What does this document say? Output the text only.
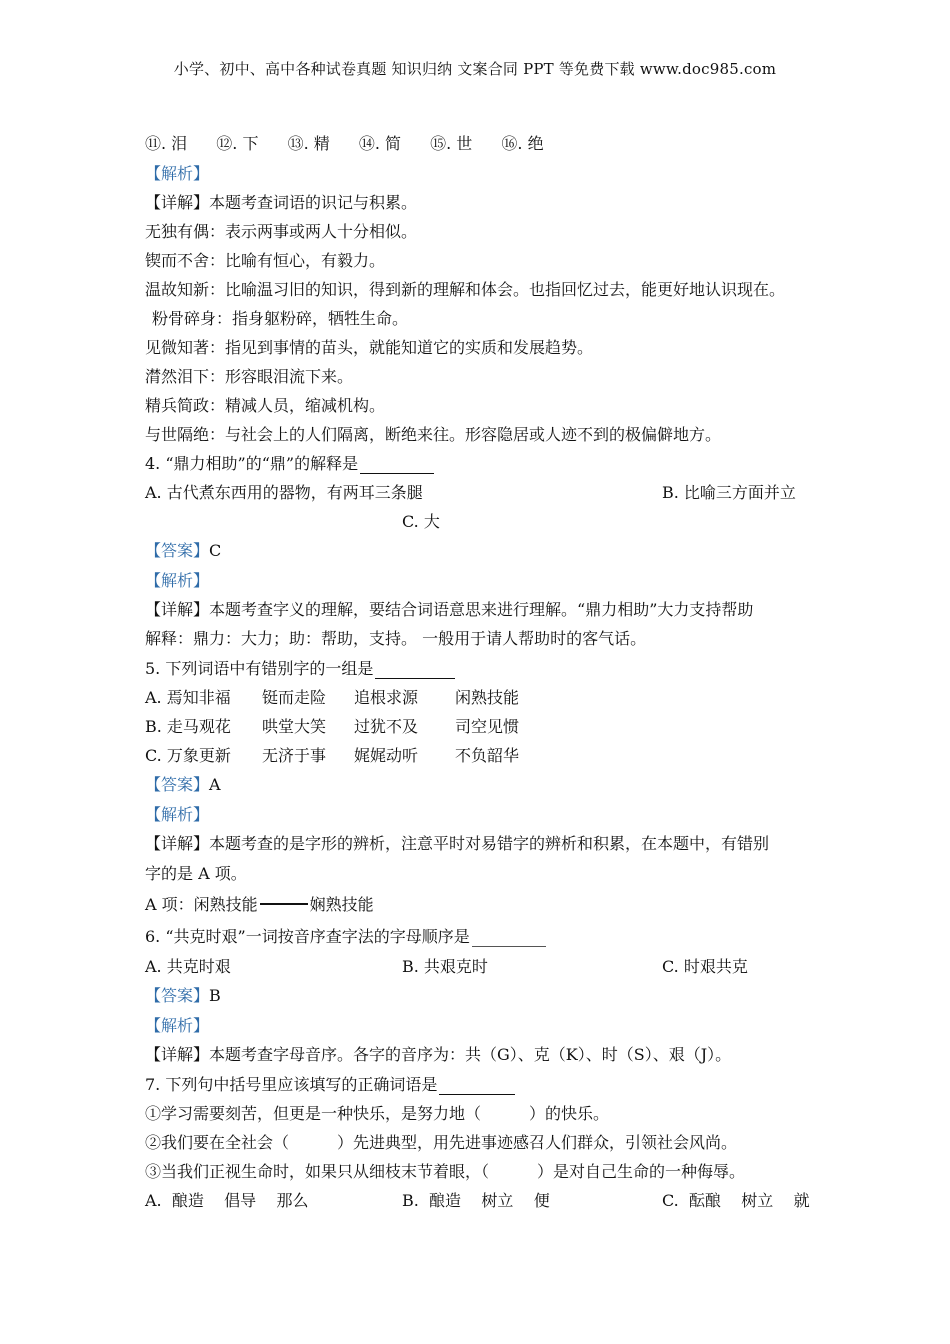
小学、初中、高中各种试卷真题 知识归纳 文案合同 PPT 等免费下载 www.doc985.com
⑪. 泪 ⑫. 下 ⑬. 精 ⑭. 简 ⑮. 世 ⑯. 绝
【解析】
【详解】本题考查词语的识记与积累。
无独有偶：表示两事或两人十分相似。
锲而不舍：比喻有恒心，有毅力。
温故知新：比喻温习旧的知识，得到新的理解和体会。也指回忆过去，能更好地认识现在。
粉骨碎身：指身躯粉碎，牺牲生命。
见微知著：指见到事情的苗头，就能知道它的实质和发展趋势。
潸然泪下：形容眼泪流下来。
精兵简政：精减人员，缩减机构。
与世隔绝：与社会上的人们隔离，断绝来往。形容隐居或人迹不到的极偏僻地方。
4. “鼎力相助”的“鼎”的解释是
A. 古代煮东西用的器物，有两耳三条腿	B. 比喻三方面并立
C. 大
【答案】C
【解析】
【详解】本题考查字义的理解，要结合词语意思来进行理解。“鼎力相助”大力支持帮助
解释：鼎力：大力；助：帮助，支持。 一般用于请人帮助时的客气话。
5. 下列词语中有错别字的一组是
A. 焉知非福 铤而走险 追根求源 闲熟技能
B. 走马观花 哄堂大笑 过犹不及 司空见惯
C. 万象更新 无济于事 娓娓动听 不负韶华
【答案】A
【解析】
【详解】本题考查的是字形的辨析，注意平时对易错字的辨析和积累，在本题中，有错别
字的是 A 项。
A 项：闲熟技能	娴熟技能
6. “共克时艰”一词按音序查字法的字母顺序是
A. 共克时艰	B. 共艰克时	C. 时艰共克
【答案】B
【解析】
【详解】本题考查字母音序。各字的音序为：共（G）、克（K）、时（S）、艰（J）。
7. 下列句中括号里应该填写的正确词语是
①学习需要刻苦，但更是一种快乐，是努力地（	）的快乐。
②我们要在全社会（	）先进典型，用先进事迹感召人们群众，引领社会风尚。
③当我们正视生命时，如果只从细枝末节着眼，（	）是对自己生命的一种侮辱。
A.  酿造    倡导    那么	B.  酿造    树立    便	C.  酝酿    树立    就
